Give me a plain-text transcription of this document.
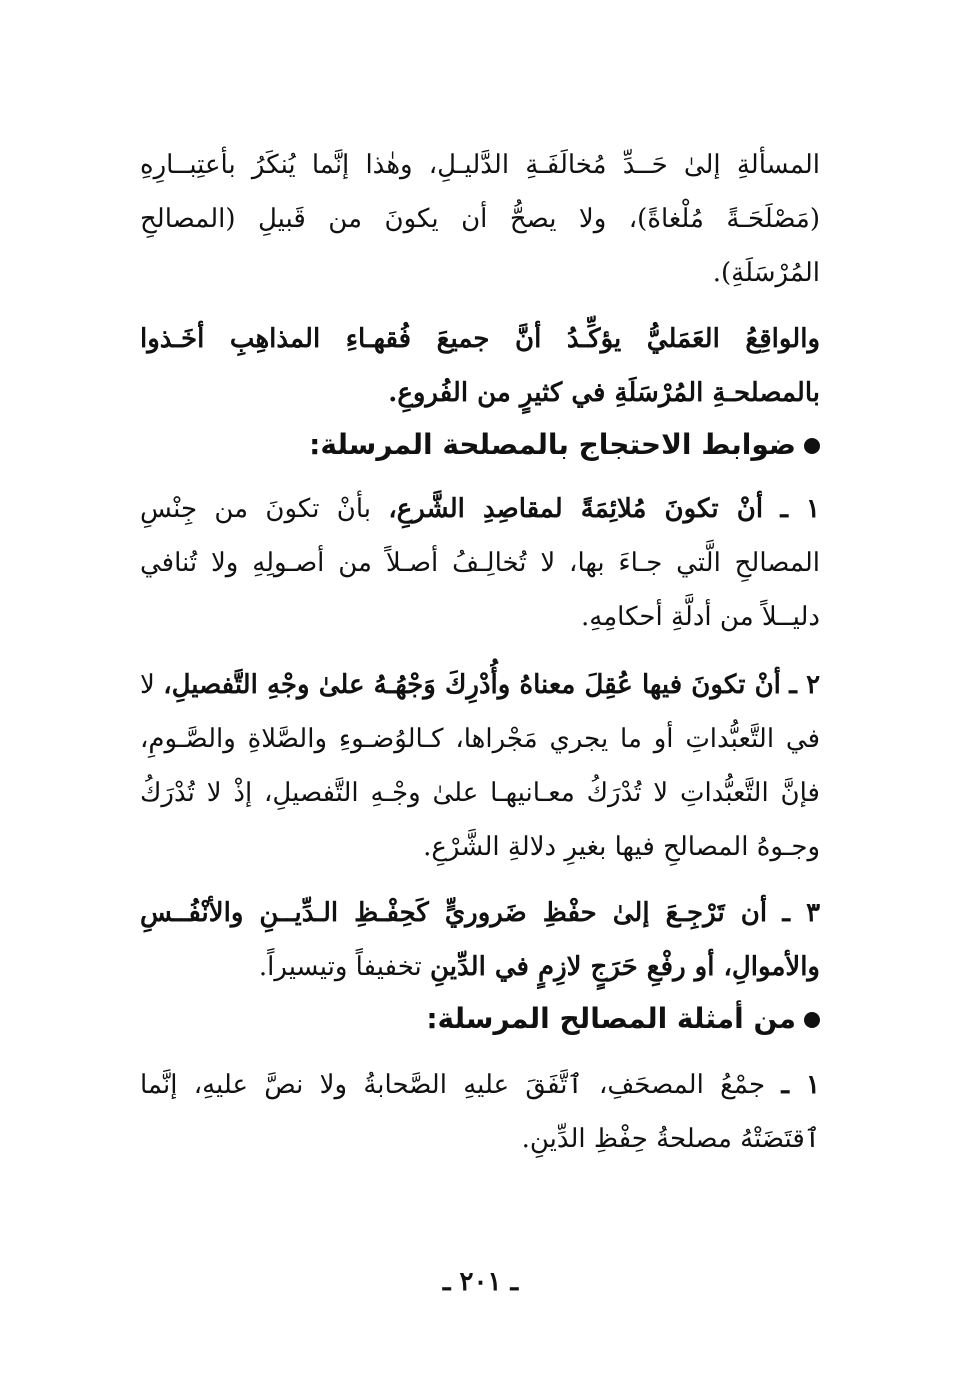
المسألةِ إلىٰ حَــدِّ مُخالَفَـةِ الدَّليـلِ، وهٰذا إنَّما يُنكَرُ بأعتِبــارِهِ (مَصْلَحَـةً مُلْغاةً)، ولا يصحُّ أن يكونَ من قَبيلِ (المصالحِ المُرْسَلَةِ).

والواقِعُ العَمَليُّ يؤكِّـدُ أنَّ جميعَ فُقهـاءِ المذاهِبِ أخَـذوا بالمصلحـةِ المُرْسَلَةِ في كثيرٍ من الفُروعِ.

ضوابط الاحتجاج بالمصلحة المرسلة:

١ ـ أنْ تكونَ مُلائِمَةً لمقاصِدِ الشَّرعِ، بأنْ تكونَ من جِنْسِ المصالحِ الَّتي جـاءَ بها، لا تُخالِـفُ أصـلاً من أصـولِهِ ولا تُنافي دليــلاً من أدلَّةِ أحكامِهِ.

٢ ـ أنْ تكونَ فيها عُقِلَ معناهُ وأُدْرِكَ وَجْهُـهُ علىٰ وجْهِ التَّفصيلِ، لا في التَّعبُّداتِ أو ما يجري مَجْراها، كـالوُضـوءِ والصَّلاةِ والصَّـومِ، فإنَّ التَّعبُّداتِ لا تُدْرَكُ معـانيهـا علىٰ وجْـهِ التَّفصيلِ، إذْ لا تُدْرَكُ وجـوهُ المصالحِ فيها بغيرِ دلالةِ الشَّرْعِ.

٣ ـ أن تَرْجِـعَ إلىٰ حفْظِ ضَروريٍّ كَحِفْـظِ الـدِّيــنِ والأنْفُــسِ والأموالِ، أو رفْعِ حَرَجٍ لازِمٍ في الدِّينِ تخفيفاً وتيسيراً.

من أمثلة المصالح المرسلة:

١ ـ جمْعُ المصحَفِ، ٱتَّفَقَ عليهِ الصَّحابةُ ولا نصَّ عليهِ، إنَّما ٱقتَضَتْهُ مصلحةُ حِفْظِ الدِّينِ.

ـ ٢٠١ ـ
